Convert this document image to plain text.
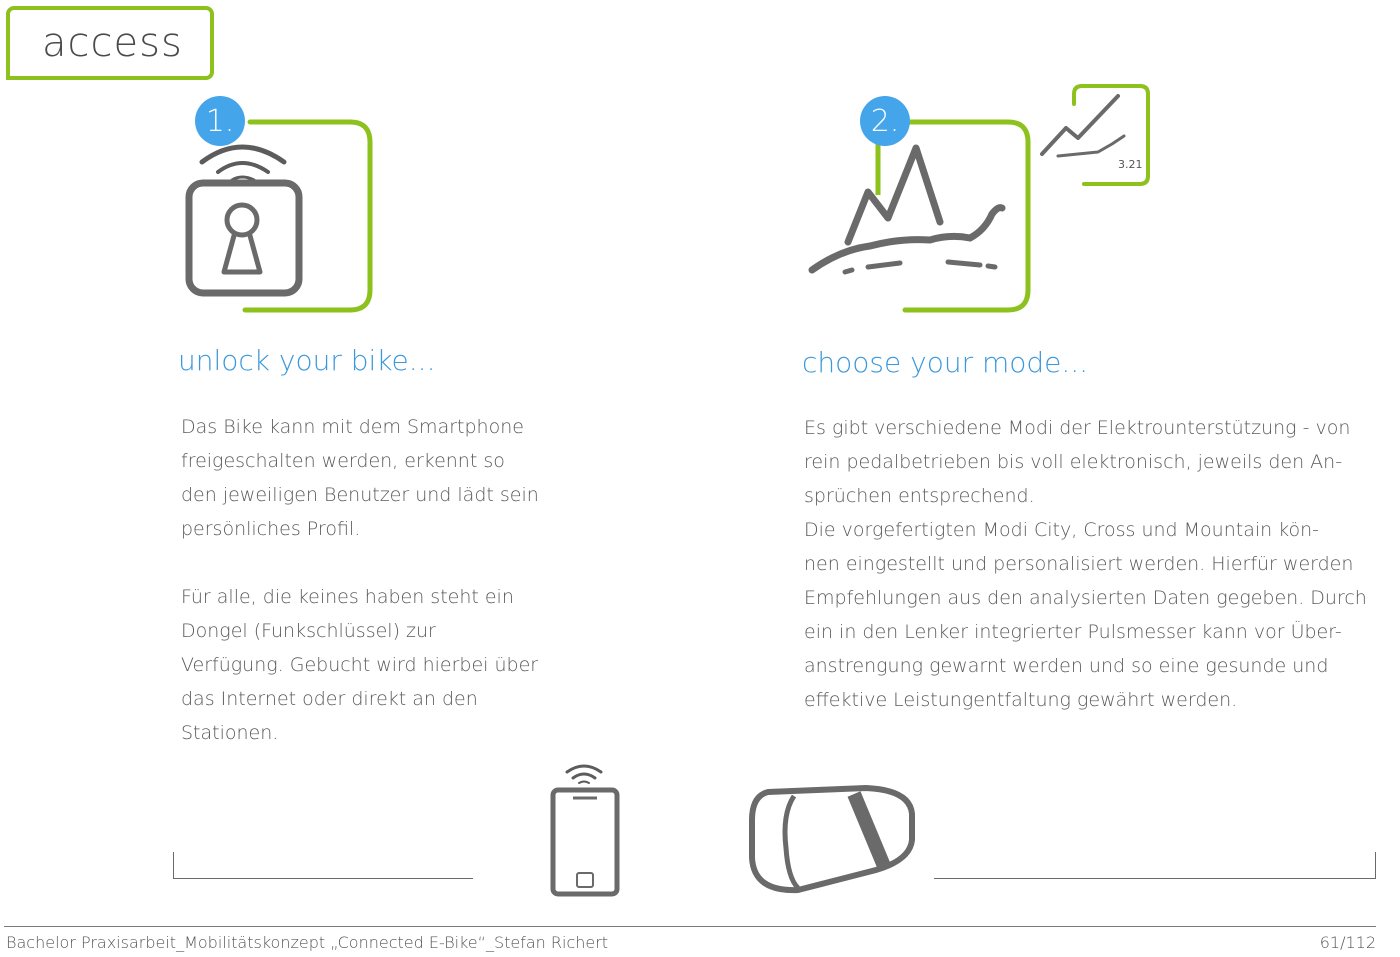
access
1.
unlock your bike...
Das Bike kann mit dem Smartphone
freigeschalten werden, erkennt so
den jeweiligen Benutzer und lädt sein
persönliches Profil.

Für alle, die keines haben steht ein
Dongel (Funkschlüssel) zur
Verfügung. Gebucht wird hierbei über
das Internet oder direkt an den
Stationen.
2.
3.21
choose your mode...
Es gibt verschiedene Modi der Elektrounterstützung - von
rein pedalbetrieben bis voll elektronisch, jeweils den An-
sprüchen entsprechend.
Die vorgefertigten Modi City, Cross und Mountain kön-
nen eingestellt und personalisiert werden. Hierfür werden
Empfehlungen aus den analysierten Daten gegeben. Durch
ein in den Lenker integrierter Pulsmesser kann vor Über-
anstrengung gewarnt werden und so eine gesunde und
effektive Leistungentfaltung gewährt werden.
Bachelor Praxisarbeit_Mobilitätskonzept „Connected E-Bike“_Stefan Richert	61/112
